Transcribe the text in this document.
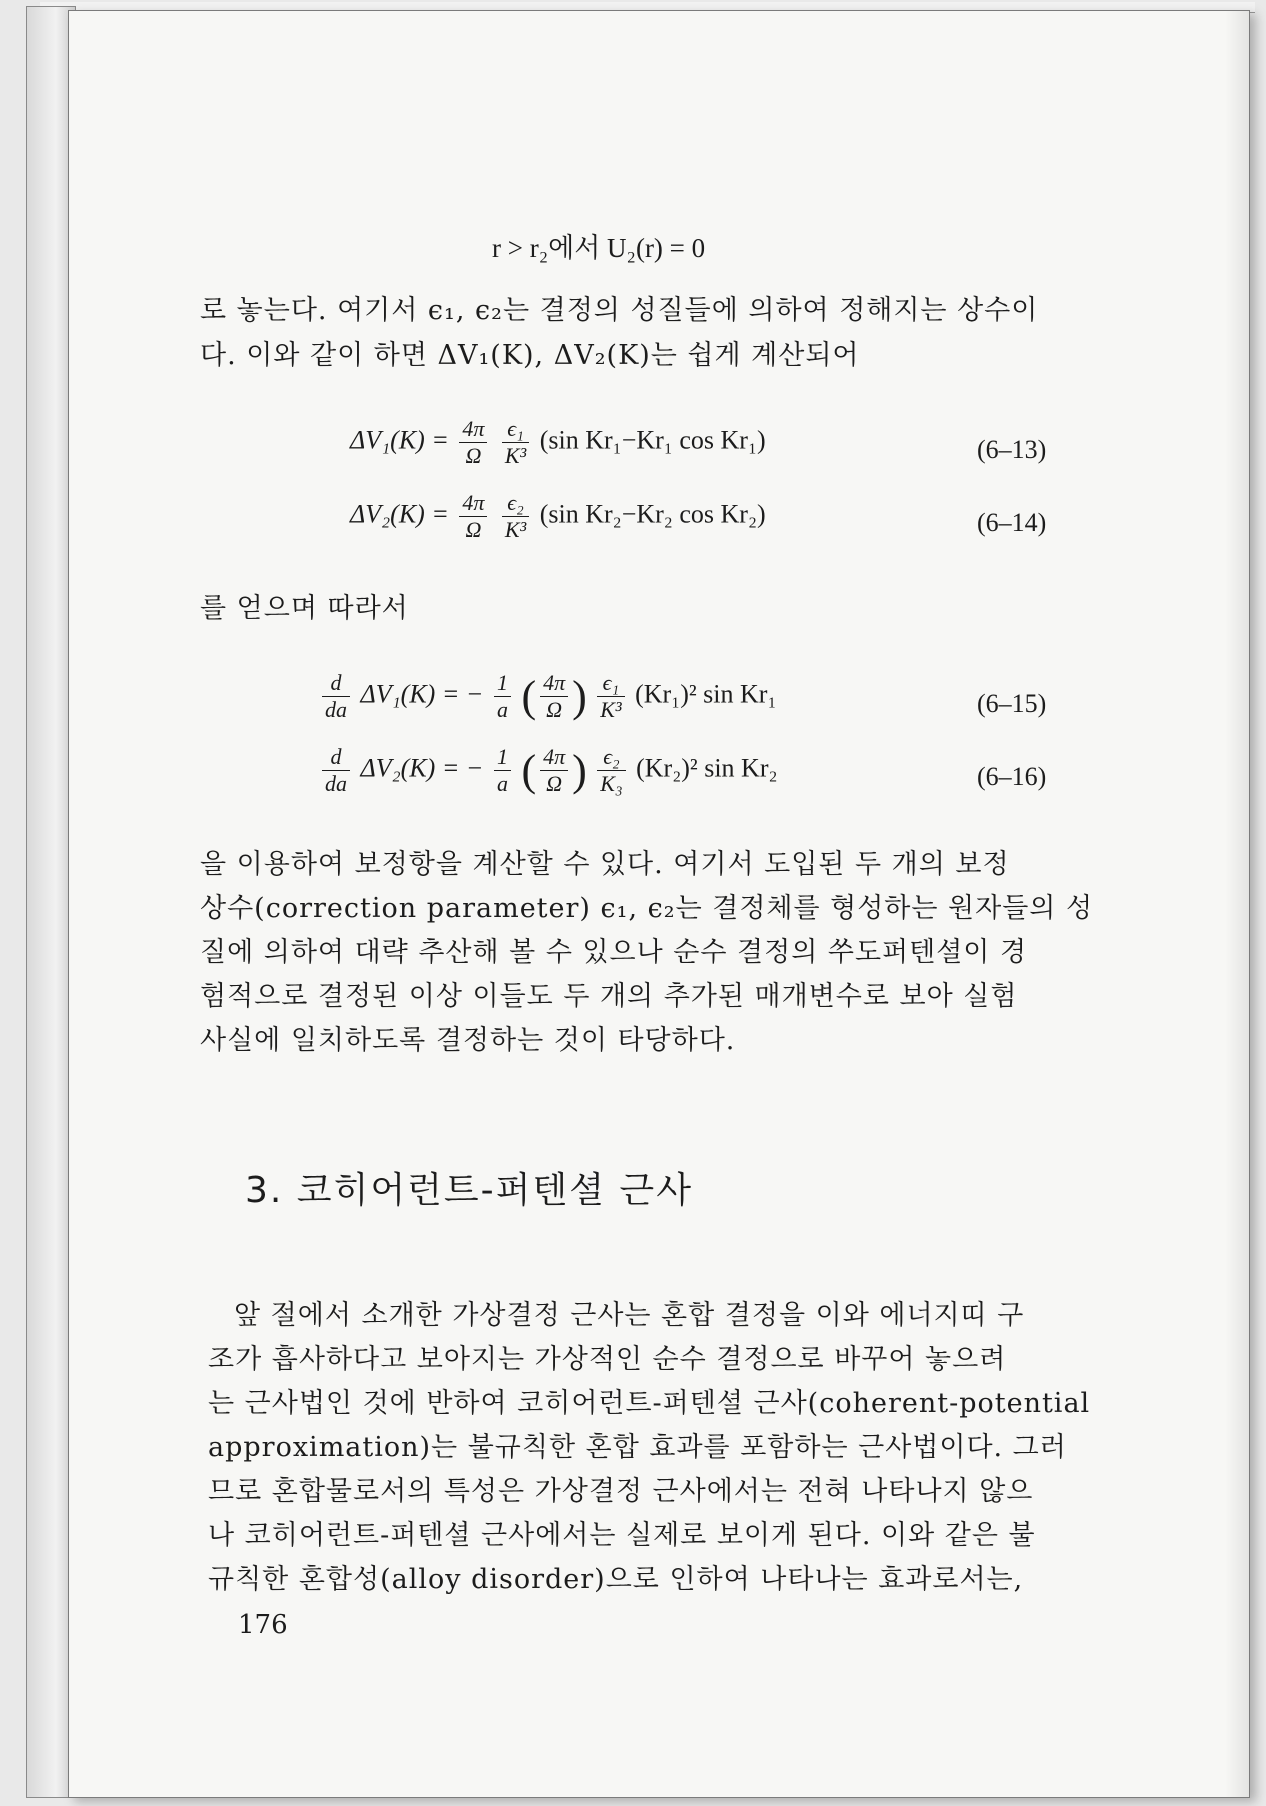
r > r₂에서 U₂(r) = 0
로 놓는다. 여기서 ϵ₁, ϵ₂는 결정의 성질들에 의하여 정해지는 상수이
다. 이와 같이 하면 ΔV₁(K), ΔV₂(K)는 쉽게 계산되어
$\Delta V_1(K) = \frac{4\pi}{\Omega}$
$\frac{\text{ϵ₁}}{\text{K³}} (\sin$ Kr₁−Kr₁ cos Kr₁)	(6–13)
$\Delta V_2(K) = \frac{4\pi}{\Omega}$
$\frac{\text{ϵ₂}}{\text{K³}} (\sin$ Kr₂−Kr₂ cos Kr₂)	(6–14)
를 얻으며 따라서
$\frac{d}{da} \Delta V_1(K)$ = − $\frac{1}{a}$ ( $\frac{4\pi}{\Omega}$ ) $\frac{\text{ϵ₁}}{\text{K³}} (Kr_1)^2$ sin Kr₁	(6–15)
$\frac{d}{da} \Delta V_2(K)$ = − $\frac{1}{a}$ ( $\frac{4\pi}{\Omega}$ ) $\frac{\text{ϵ₂}}{\text{K₃}} (Kr_2)^2$ sin Kr₂	(6–16)
을 이용하여 보정항을 계산할 수 있다. 여기서 도입된 두 개의 보정
상수(correction parameter) ϵ₁, ϵ₂는 결정체를 형성하는 원자들의 성
질에 의하여 대략 추산해 볼 수 있으나 순수 결정의 쑤도퍼텐셜이 경
험적으로 결정된 이상 이들도 두 개의 추가된 매개변수로 보아 실험
사실에 일치하도록 결정하는 것이 타당하다.
3. 코히어런트-퍼텐셜 근사
앞 절에서 소개한 가상결정 근사는 혼합 결정을 이와 에너지띠 구
조가 흡사하다고 보아지는 가상적인 순수 결정으로 바꾸어 놓으려
는 근사법인 것에 반하여 코히어런트-퍼텐셜 근사(coherent-potential
approximation)는 불규칙한 혼합 효과를 포함하는 근사법이다. 그러
므로 혼합물로서의 특성은 가상결정 근사에서는 전혀 나타나지 않으
나 코히어런트-퍼텐셜 근사에서는 실제로 보이게 된다. 이와 같은 불
규칙한 혼합성(alloy disorder)으로 인하여 나타나는 효과로서는,
176
